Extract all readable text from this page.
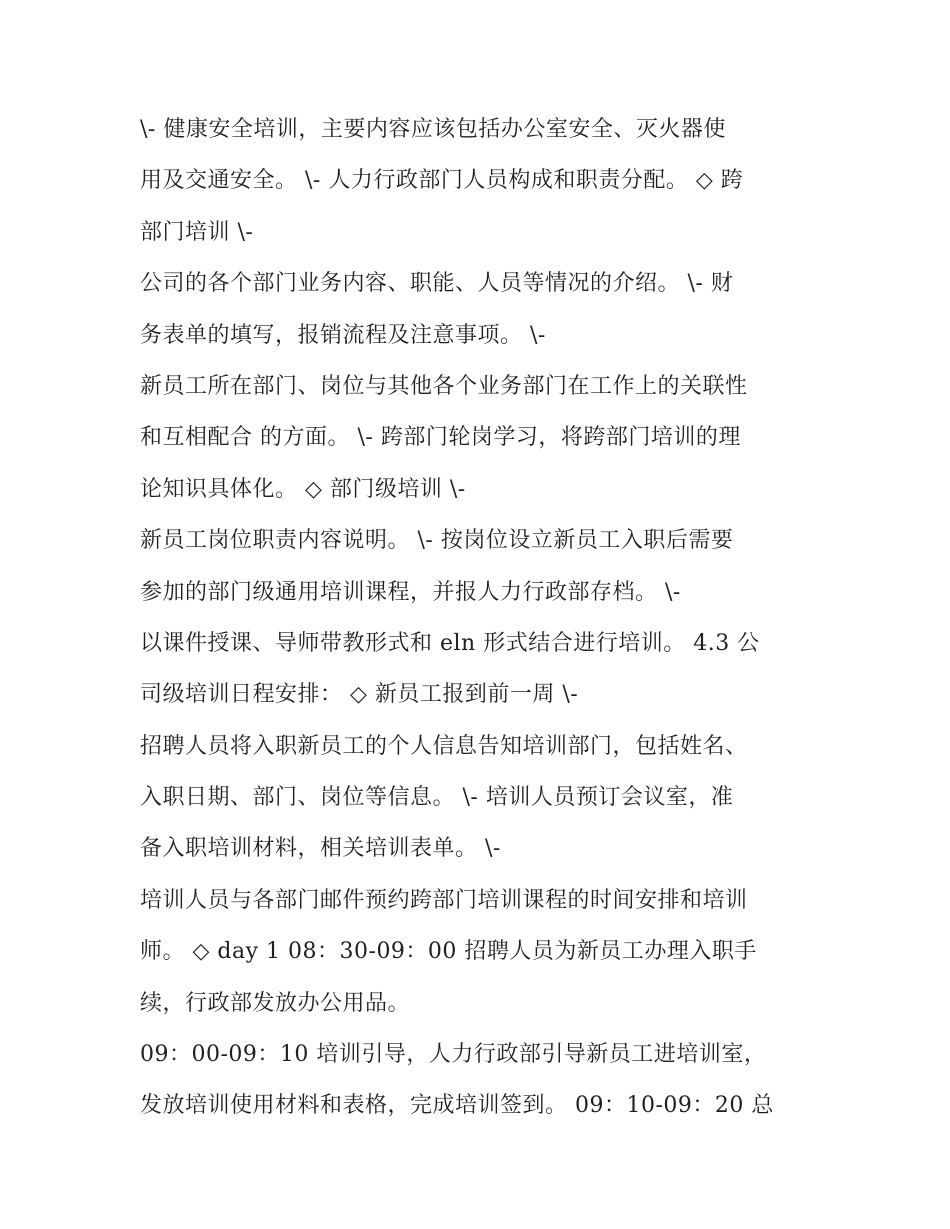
\- 健康安全培训，主要内容应该包括办公室安全、灭火器使
用及交通安全。 \- 人力行政部门人员构成和职责分配。 ◇ 跨
部门培训 \-
公司的各个部门业务内容、职能、人员等情况的介绍。 \- 财
务表单的填写，报销流程及注意事项。 \-
新员工所在部门、岗位与其他各个业务部门在工作上的关联性
和互相配合 的方面。 \- 跨部门轮岗学习，将跨部门培训的理
论知识具体化。 ◇ 部门级培训 \-
新员工岗位职责内容说明。 \- 按岗位设立新员工入职后需要
参加的部门级通用培训课程，并报人力行政部存档。 \-
以课件授课、导师带教形式和 eln 形式结合进行培训。 4.3 公
司级培训日程安排： ◇ 新员工报到前一周 \-
招聘人员将入职新员工的个人信息告知培训部门，包括姓名、
入职日期、部门、岗位等信息。 \- 培训人员预订会议室，准
备入职培训材料，相关培训表单。 \-
培训人员与各部门邮件预约跨部门培训课程的时间安排和培训
师。 ◇ day 1 08：30-09：00 招聘人员为新员工办理入职手
续，行政部发放办公用品。
09：00-09：10 培训引导，人力行政部引导新员工进培训室，
发放培训使用材料和表格，完成培训签到。 09：10-09：20 总
